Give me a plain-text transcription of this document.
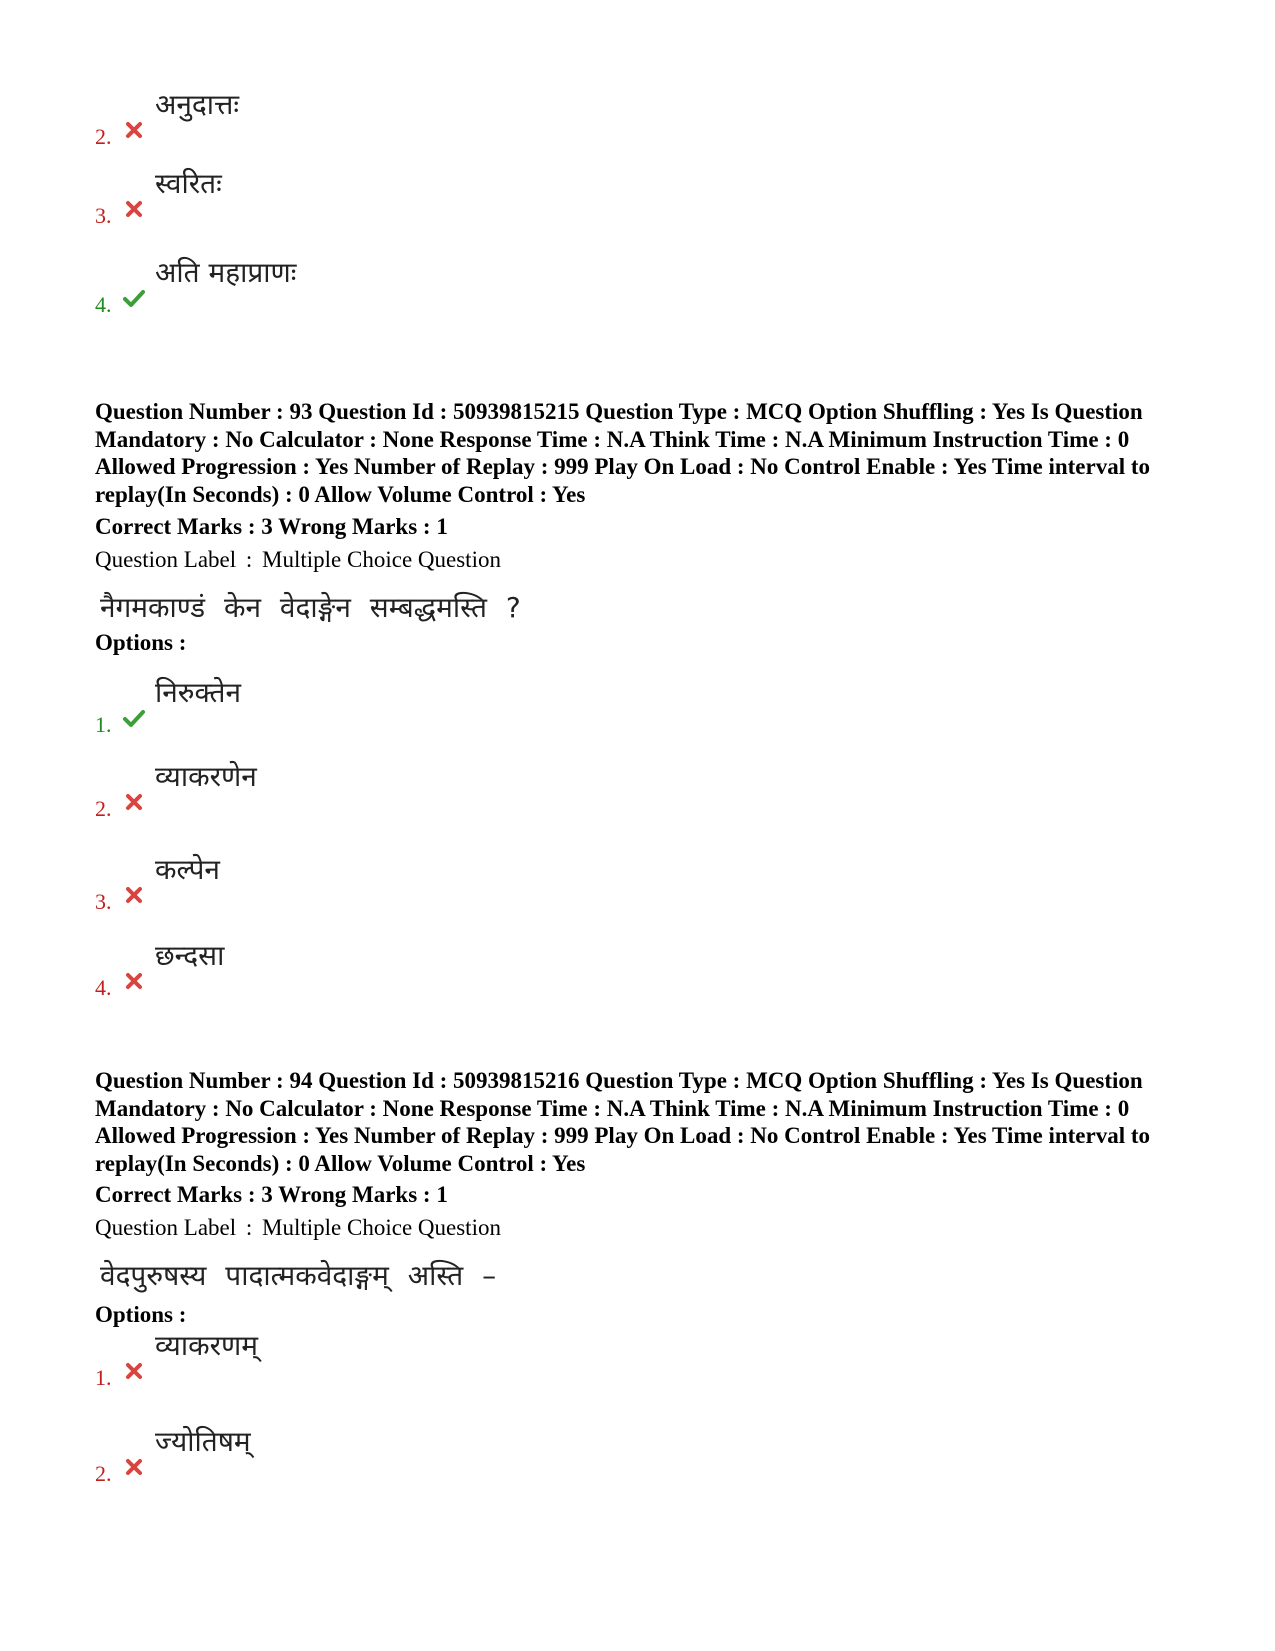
2.
अनुदात्तः
3.
स्वरितः
4.
अति महाप्राणः

Question Number : 93 Question Id : 50939815215 Question Type : MCQ Option Shuffling : Yes Is Question Mandatory : No Calculator : None Response Time : N.A Think Time : N.A Minimum Instruction Time : 0 Allowed Progression : Yes Number of Replay : 999 Play On Load : No Control Enable : Yes Time interval to replay(In Seconds) : 0 Allow Volume Control : Yes

Correct Marks : 3 Wrong Marks : 1
Question Label : Multiple Choice Question
नैगमकाण्डं केन वेदाङ्गेन सम्बद्धमस्ति ?
Options :
1.
निरुक्तेन
2.
व्याकरणेन
3.
कल्पेन
4.
छन्दसा

Question Number : 94 Question Id : 50939815216 Question Type : MCQ Option Shuffling : Yes Is Question Mandatory : No Calculator : None Response Time : N.A Think Time : N.A Minimum Instruction Time : 0 Allowed Progression : Yes Number of Replay : 999 Play On Load : No Control Enable : Yes Time interval to replay(In Seconds) : 0 Allow Volume Control : Yes

Correct Marks : 3 Wrong Marks : 1
Question Label : Multiple Choice Question
वेदपुरुषस्य पादात्मकवेदाङ्गम् अस्ति –
Options :
1.
व्याकरणम्
2.
ज्योतिषम्
